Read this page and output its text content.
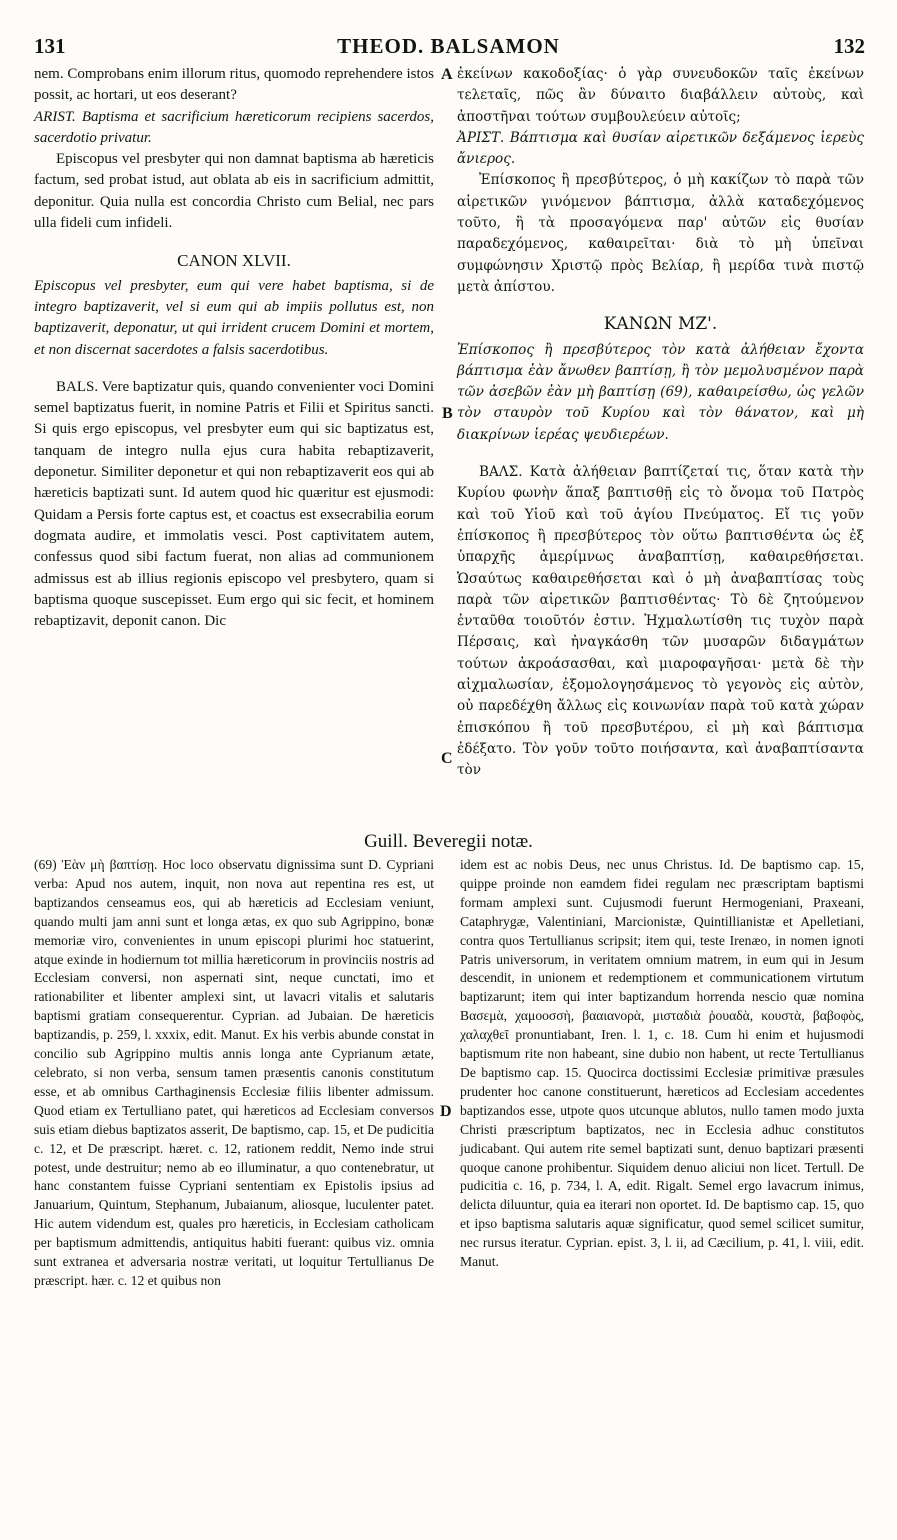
131	THEOD. BALSAMON	132

nem. Comprobans enim illorum ritus, quomodo reprehendere istos possit, ac hortari, ut eos deserant?

ARIST. Baptisma et sacrificium hæreticorum recipiens sacerdos, sacerdotio privatur.

Episcopus vel presbyter qui non damnat baptisma ab hæreticis factum, sed probat istud, aut oblata ab eis in sacrificium admittit, deponitur. Quia nulla est concordia Christo cum Belial, nec pars ulla fideli cum infideli.

CANON XLVII.

Episcopus vel presbyter, eum qui vere habet baptisma, si de integro baptizaverit, vel si eum qui ab impiis pollutus est, non baptizaverit, deponatur, ut qui irrident crucem Domini et mortem, et non discernat sacerdotes a falsis sacerdotibus.

BALS. Vere baptizatur quis, quando convenienter voci Domini semel baptizatus fuerit, in nomine Patris et Filii et Spiritus sancti. Si quis ergo episcopus, vel presbyter eum qui sic baptizatus est, tanquam de integro nulla ejus cura habita rebaptizaverit, deponetur. Similiter deponetur et qui non rebaptizaverit eos qui ab hæreticis baptizati sunt. Id autem quod hic quæritur est ejusmodi: Quidam a Persis forte captus est, et coactus est exsecrabilia eorum dogmata audire, et immolatis vesci. Post captivitatem autem, confessus quod sibi factum fuerat, non alias ad communionem admissus est ab illius regionis episcopo vel presbytero, quam si baptisma quoque suscepisset. Eum ergo qui sic fecit, et hominem rebaptizavit, deponit canon. Dic

A
B
C
D

ἐκείνων κακοδοξίας· ὁ γὰρ συνευδοκῶν ταῖς ἐκείνων τελεταῖς, πῶς ἂν δύναιτο διαβάλλειν αὐτοὺς, καὶ ἀποστῆναι τούτων συμβουλεύειν αὐτοῖς;

ἈΡΙΣΤ. Βάπτισμα καὶ θυσίαν αἱρετικῶν δεξάμενος ἱερεὺς ἄνιερος.

Ἐπίσκοπος ἢ πρεσβύτερος, ὁ μὴ κακίζων τὸ παρὰ τῶν αἱρετικῶν γινόμενον βάπτισμα, ἀλλὰ καταδεχόμενος τοῦτο, ἢ τὰ προσαγόμενα παρ' αὐτῶν εἰς θυσίαν παραδεχόμενος, καθαιρεῖται· διὰ τὸ μὴ ὑπεῖναι συμφώνησιν Χριστῷ πρὸς Βελίαρ, ἢ μερίδα τινὰ πιστῷ μετὰ ἀπίστου.

ΚΑΝΩΝ ΜΖ'.

Ἐπίσκοπος ἢ πρεσβύτερος τὸν κατὰ ἀλήθειαν ἔχοντα βάπτισμα ἐὰν ἄνωθεν βαπτίσῃ, ἢ τὸν μεμολυσμένον παρὰ τῶν ἀσεβῶν ἐὰν μὴ βαπτίσῃ (69), καθαιρείσθω, ὡς γελῶν τὸν σταυρὸν τοῦ Κυρίου καὶ τὸν θάνατον, καὶ μὴ διακρίνων ἱερέας ψευδιερέων.

ΒΑΛΣ. Κατὰ ἀλήθειαν βαπτίζεταί τις, ὅταν κατὰ τὴν Κυρίου φωνὴν ἅπαξ βαπτισθῇ εἰς τὸ ὄνομα τοῦ Πατρὸς καὶ τοῦ Υἱοῦ καὶ τοῦ ἁγίου Πνεύματος. Εἴ τις γοῦν ἐπίσκοπος ἢ πρεσβύτερος τὸν οὕτω βαπτισθέντα ὡς ἐξ ὑπαρχῆς ἀμερίμνως ἀναβαπτίσῃ, καθαιρεθήσεται. Ὡσαύτως καθαιρεθήσεται καὶ ὁ μὴ ἀναβαπτίσας τοὺς παρὰ τῶν αἱρετικῶν βαπτισθέντας· Τὸ δὲ ζητούμενον ἐνταῦθα τοιοῦτόν ἐστιν. Ἠχμαλωτίσθη τις τυχὸν παρὰ Πέρσαις, καὶ ἠναγκάσθη τῶν μυσαρῶν διδαγμάτων τούτων ἀκροάσασθαι, καὶ μιαροφαγῆσαι· μετὰ δὲ τὴν αἰχμαλωσίαν, ἐξομολογησάμενος τὸ γεγονὸς εἰς αὐτὸν, οὐ παρεδέχθη ἄλλως εἰς κοινωνίαν παρὰ τοῦ κατὰ χώραν ἐπισκόπου ἢ τοῦ πρεσβυτέρου, εἰ μὴ καὶ βάπτισμα ἐδέξατο. Τὸν γοῦν τοῦτο ποιήσαντα, καὶ ἀναβαπτίσαντα τὸν

Guill. Beveregii notæ.

(69) Ἐὰν μὴ βαπτίσῃ. Hoc loco observatu dignissima sunt D. Cypriani verba: Apud nos autem, inquit, non nova aut repentina res est, ut baptizandos censeamus eos, qui ab hæreticis ad Ecclesiam veniunt, quando multi jam anni sunt et longa ætas, ex quo sub Agrippino, bonæ memoriæ viro, convenientes in unum episcopi plurimi hoc statuerint, atque exinde in hodiernum tot millia hæreticorum in provinciis nostris ad Ecclesiam conversi, non aspernati sint, neque cunctati, imo et rationabiliter et libenter amplexi sint, ut lavacri vitalis et salutaris baptismi gratiam consequerentur. Cyprian. ad Jubaian. De hæreticis baptizandis, p. 259, l. xxxix, edit. Manut. Ex his verbis abunde constat in concilio sub Agrippino multis annis longa ante Cyprianum ætate, celebrato, si non verba, sensum tamen præsentis canonis constitutum esse, et ab omnibus Carthaginensis Ecclesiæ filiis libenter admissum. Quod etiam ex Tertulliano patet, qui hæreticos ad Ecclesiam conversos suis etiam diebus baptizatos asserit, De baptismo, cap. 15, et De pudicitia c. 12, et De præscript. hæret. c. 12, rationem reddit, Nemo inde strui potest, unde destruitur; nemo ab eo illuminatur, a quo contenebratur, ut hanc constantem fuisse Cypriani sententiam ex Epistolis ipsius ad Januarium, Quintum, Stephanum, Jubaianum, aliosque, luculenter patet. Hic autem videndum est, quales pro hæreticis, in Ecclesiam catholicam per baptismum admittendis, antiquitus habiti fuerant: quibus viz. omnia sunt extranea et adversaria nostræ veritati, ut loquitur Tertullianus De præscript. hær. c. 12 et quibus non

idem est ac nobis Deus, nec unus Christus. Id. De baptismo cap. 15, quippe proinde non eamdem fidei regulam nec præscriptam baptismi formam amplexi sunt. Cujusmodi fuerunt Hermogeniani, Praxeani, Cataphrygæ, Valentiniani, Marcionistæ, Quintillianistæ et Apelletiani, contra quos Tertullianus scripsit; item qui, teste Irenæo, in nomen ignoti Patris universorum, in veritatem omnium matrem, in eum qui in Jesum descendit, in unionem et redemptionem et communicationem virtutum baptizarunt; item qui inter baptizandum horrenda nescio quæ nomina Βασεμὰ, χαμοοσσὴ, βααιανορὰ, μισταδιὰ ῥουαδὰ, κουστὰ, βαβοφὸς, χαλαχθεῖ pronuntiabant, Iren. l. 1, c. 18. Cum hi enim et hujusmodi baptismum rite non habeant, sine dubio non habent, ut recte Tertullianus De baptismo cap. 15. Quocirca doctissimi Ecclesiæ primitivæ præsules prudenter hoc canone constituerunt, hæreticos ad Ecclesiam accedentes baptizandos esse, utpote quos utcunque ablutos, nullo tamen modo juxta Christi præscriptum baptizatos, nec in Ecclesia adhuc constitutos judicabant. Qui autem rite semel baptizati sunt, denuo baptizari præsenti quoque canone prohibentur. Siquidem denuo aliciui non licet. Tertull. De pudicitia c. 16, p. 734, l. A, edit. Rigalt. Semel ergo lavacrum inimus, delicta diluuntur, quia ea iterari non oportet. Id. De baptismo cap. 15, quo et ipso baptisma salutaris aquæ significatur, quod semel scilicet sumitur, nec rursus iteratur. Cyprian. epist. 3, l. ii, ad Cæcilium, p. 41, l. viii, edit. Manut.
